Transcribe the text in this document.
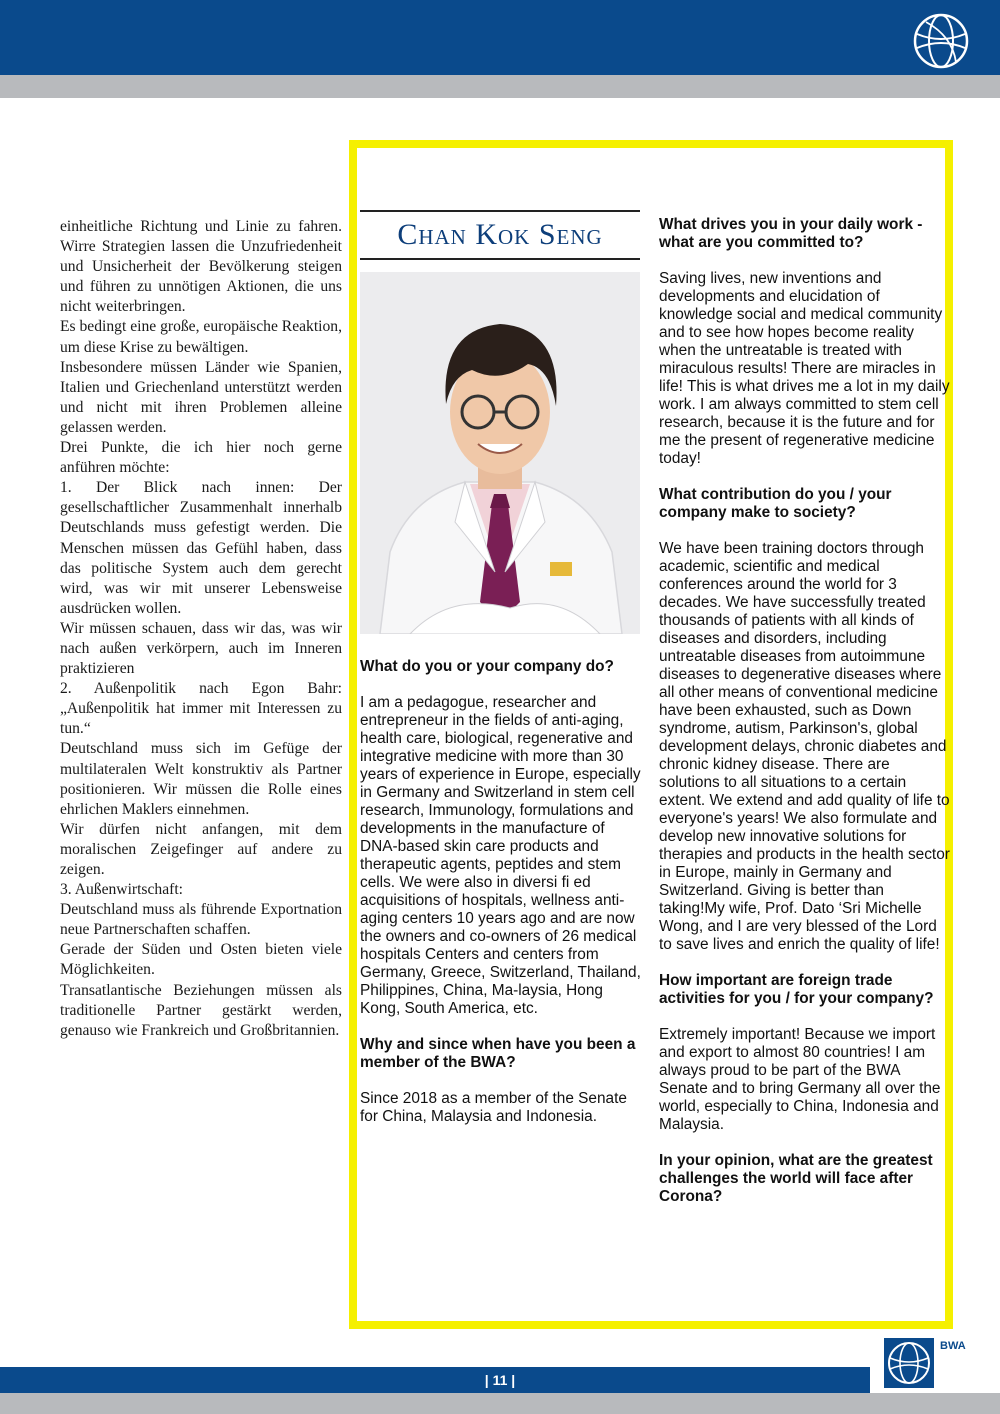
einheitliche Richtung und Linie zu fahren. Wirre Strategien lassen die Unzufriedenheit und Unsicherheit der Bevölkerung steigen und führen zu unnötigen Aktionen, die uns nicht weiterbringen.

Es bedingt eine große, europäische Reaktion, um diese Krise zu bewältigen.

Insbesondere müssen Länder wie Spanien, Italien und Griechenland unterstützt werden und nicht mit ihren Problemen alleine gelassen werden.

Drei Punkte, die ich hier noch gerne anführen möchte:

1. Der Blick nach innen: Der gesellschaftlicher Zusammenhalt innerhalb Deutschlands muss gefestigt werden. Die Menschen müssen das Gefühl haben, dass das politische System auch dem gerecht wird, was wir mit unserer Lebensweise ausdrücken wollen.

Wir müssen schauen, dass wir das, was wir nach außen verkörpern, auch im Inneren praktizieren

2. Außenpolitik nach Egon Bahr: „Außenpolitik hat immer mit Interessen zu tun.“

Deutschland muss sich im Gefüge der multilateralen Welt konstruktiv als Partner positionieren. Wir müssen die Rolle eines ehrlichen Maklers einnehmen.

Wir dürfen nicht anfangen, mit dem moralischen Zeigefinger auf andere zu zeigen.

3. Außenwirtschaft:

Deutschland muss als führende Exportnation neue Partnerschaften schaffen.

Gerade der Süden und Osten bieten viele Möglichkeiten.

Transatlantische Beziehungen müssen als traditionelle Partner gestärkt werden, genauso wie Frankreich und Großbritannien.

Chan Kok Seng
What do you or your company do?
I am a pedagogue, researcher and entrepreneur in the fields of anti-aging, health care, biological, regenerative and integrative medicine with more than 30 years of experience in Europe, especially in Germany and Switzerland in stem cell research, Immunology, formulations and developments in the manufacture of DNA-based skin care products and therapeutic agents, peptides and stem cells. We were also in diversi fi ed acquisitions of hospitals, wellness anti-aging centers 10 years ago and are now the owners and co-owners of 26 medical hospitals Centers and centers from Germany, Greece, Switzerland, Thailand, Philippines, China, Ma-laysia, Hong Kong, South America, etc.
Why and since when have you been a member of the BWA?
Since 2018 as a member of the Senate for China, Malaysia and Indonesia.
What drives you in your daily work - what are you committed to?
Saving lives, new inventions and developments and elucidation of knowledge social and medical community and to see how hopes become reality when the untreatable is treated with miraculous results! There are miracles in life! This is what drives me a lot in my daily work. I am always committed to stem cell research, because it is the future and for me the present of regenerative medicine today!
What contribution do you / your company make to society?
We have been training doctors through academic, scientific and medical conferences around the world for 3 decades. We have successfully treated thousands of patients with all kinds of diseases and disorders, including untreatable diseases from autoimmune diseases to degenerative diseases where all other means of conventional medicine have been exhausted, such as Down syndrome, autism, Parkinson's, global development delays, chronic diabetes and chronic kidney disease. There are solutions to all situations to a certain extent. We extend and add quality of life to everyone's years! We also formulate and develop new innovative solutions for therapies and products in the health sector in Europe, mainly in Germany and Switzerland. Giving is better than taking!My wife, Prof. Dato ‘Sri Michelle Wong, and I are very blessed of the Lord to save lives and enrich the quality of life!
How important are foreign trade activities for you / for your company?
Extremely important! Because we import and export to almost 80 countries! I am always proud to be part of the BWA Senate and to bring Germany all over the world, especially to China, Indonesia and Malaysia.
In your opinion, what are the greatest challenges the world will face after Corona?
| 11 |
BWA
